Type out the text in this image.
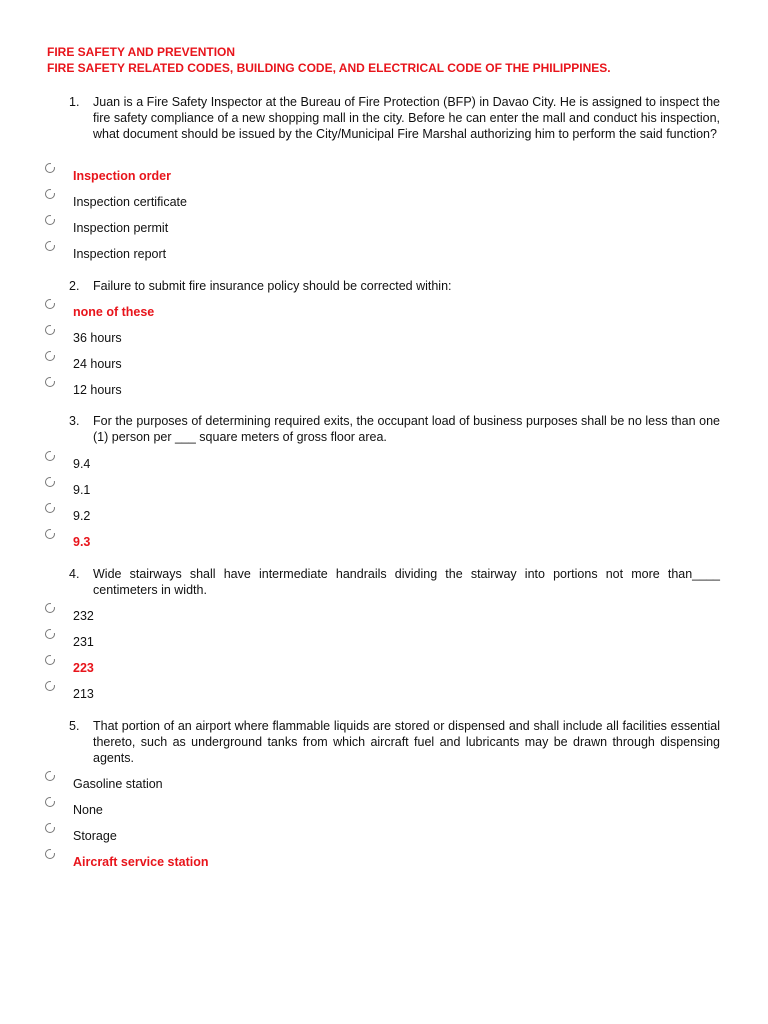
FIRE SAFETY AND PREVENTION
FIRE SAFETY RELATED CODES, BUILDING CODE, AND ELECTRICAL CODE OF THE PHILIPPINES.
1.	Juan is a Fire Safety Inspector at the Bureau of Fire Protection (BFP) in Davao City. He is assigned to inspect the fire safety compliance of a new shopping mall in the city. Before he can enter the mall and conduct his inspection, what document should be issued by the City/Municipal Fire Marshal authorizing him to perform the said function?
Inspection order
Inspection certificate
Inspection permit
Inspection report
2.	Failure to submit fire insurance policy should be corrected within:
none of these
36 hours
24 hours
12 hours
3.	For the purposes of determining required exits, the occupant load of business purposes shall be no less than one (1) person per ___ square meters of gross floor area.
9.4
9.1
9.2
9.3
4.	Wide stairways shall have intermediate handrails dividing the stairway into portions not more than____ centimeters in width.
232
231
223
213
5.	That portion of an airport where flammable liquids are stored or dispensed and shall include all facilities essential thereto, such as underground tanks from which aircraft fuel and lubricants may be drawn through dispensing agents.
Gasoline station
None
Storage
Aircraft service station
